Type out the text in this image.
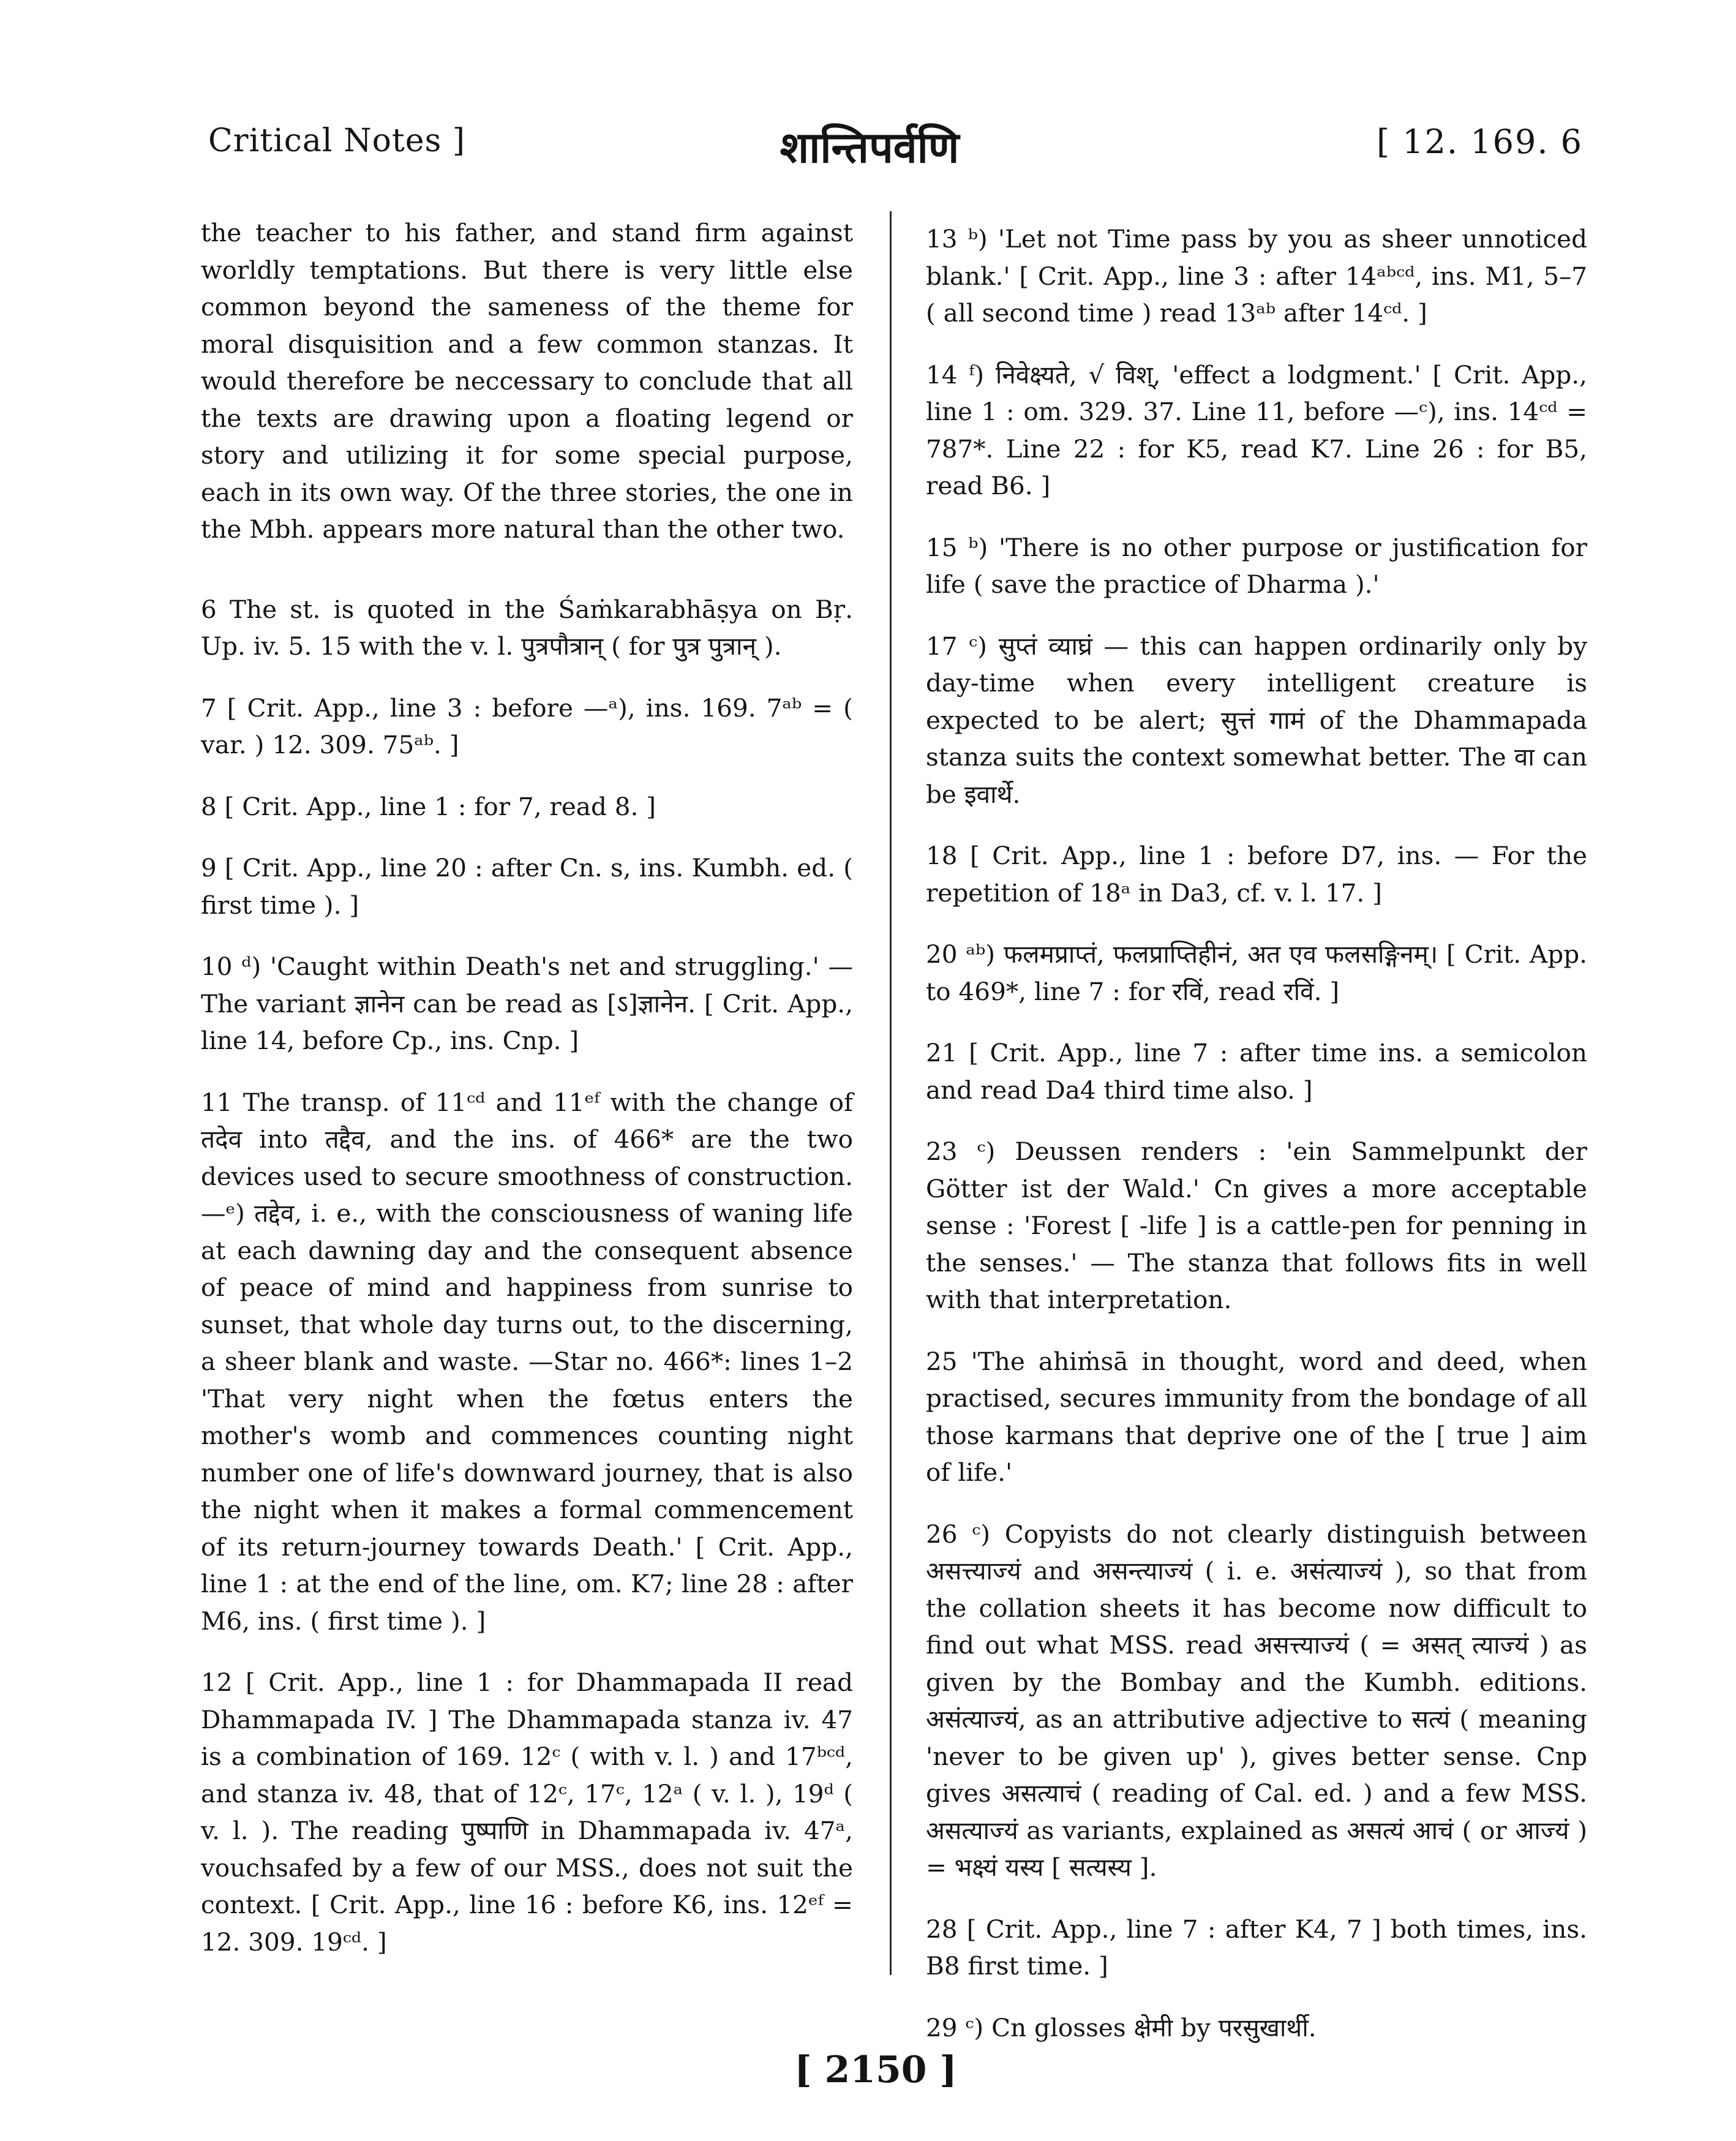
Critical Notes ]	शान्तिपर्वणि	[ 12. 169. 6

the teacher to his father, and stand firm against worldly temptations. But there is very little else common beyond the sameness of the theme for moral disquisition and a few common stanzas. It would therefore be neccessary to conclude that all the texts are drawing upon a floating legend or story and utilizing it for some special purpose, each in its own way. Of the three stories, the one in the Mbh. appears more natural than the other two.

6 The st. is quoted in the Śaṁkarabhāṣya on Bṛ. Up. iv. 5. 15 with the v. l. पुत्रपौत्रान् ( for पुत्र पुत्रान् ).

7 [ Crit. App., line 3 : before —ᵃ), ins. 169. 7ᵃᵇ = ( var. ) 12. 309. 75ᵃᵇ. ]

8 [ Crit. App., line 1 : for 7, read 8. ]

9 [ Crit. App., line 20 : after Cn. s, ins. Kumbh. ed. ( first time ). ]

10 ᵈ) 'Caught within Death's net and struggling.' —The variant ज्ञानेन can be read as [ऽ]ज्ञानेन. [ Crit. App., line 14, before Cp., ins. Cnp. ]

11 The transp. of 11ᶜᵈ and 11ᵉᶠ with the change of तदेव into तद्दैव, and the ins. of 466* are the two devices used to secure smoothness of construction. —ᵉ) तद्देव, i. e., with the consciousness of waning life at each dawning day and the consequent absence of peace of mind and happiness from sunrise to sunset, that whole day turns out, to the discerning, a sheer blank and waste. —Star no. 466*: lines 1–2 'That very night when the fœtus enters the mother's womb and commences counting night number one of life's downward journey, that is also the night when it makes a formal commencement of its return-journey towards Death.' [ Crit. App., line 1 : at the end of the line, om. K7; line 28 : after M6, ins. ( first time ). ]

12 [ Crit. App., line 1 : for Dhammapada II read Dhammapada IV. ] The Dhammapada stanza iv. 47 is a combination of 169. 12ᶜ ( with v. l. ) and 17ᵇᶜᵈ, and stanza iv. 48, that of 12ᶜ, 17ᶜ, 12ᵃ ( v. l. ), 19ᵈ ( v. l. ). The reading पुष्पाणि in Dhammapada iv. 47ᵃ, vouchsafed by a few of our MSS., does not suit the context. [ Crit. App., line 16 : before K6, ins. 12ᵉᶠ = 12. 309. 19ᶜᵈ. ]

13 ᵇ) 'Let not Time pass by you as sheer unnoticed blank.' [ Crit. App., line 3 : after 14ᵃᵇᶜᵈ, ins. M1, 5–7 ( all second time ) read 13ᵃᵇ after 14ᶜᵈ. ]

14 ᶠ) निवेक्ष्यते, √ विश्, 'effect a lodgment.' [ Crit. App., line 1 : om. 329. 37. Line 11, before —ᶜ), ins. 14ᶜᵈ = 787*. Line 22 : for K5, read K7. Line 26 : for B5, read B6. ]

15 ᵇ) 'There is no other purpose or justification for life ( save the practice of Dharma ).'

17 ᶜ) सुप्तं व्याघ्रं — this can happen ordinarily only by day-time when every intelligent creature is expected to be alert; सुत्तं गामं of the Dhammapada stanza suits the context somewhat better. The वा can be इवार्थे.

18 [ Crit. App., line 1 : before D7, ins. — For the repetition of 18ᵃ in Da3, cf. v. l. 17. ]

20 ᵃᵇ) फलमप्राप्तं, फलप्राप्तिहीनं, अत एव फलसङ्गिनम्। [ Crit. App. to 469*, line 7 : for रविं, read रविं. ]

21 [ Crit. App., line 7 : after time ins. a semicolon and read Da4 third time also. ]

23 ᶜ) Deussen renders : 'ein Sammelpunkt der Götter ist der Wald.' Cn gives a more acceptable sense : 'Forest [ -life ] is a cattle-pen for penning in the senses.' — The stanza that follows fits in well with that interpretation.

25 'The ahiṁsā in thought, word and deed, when practised, secures immunity from the bondage of all those karmans that deprive one of the [ true ] aim of life.'

26 ᶜ) Copyists do not clearly distinguish between असत्त्याज्यं and असन्त्याज्यं ( i. e. असंत्याज्यं ), so that from the collation sheets it has become now difficult to find out what MSS. read असत्त्याज्यं ( = असत् त्याज्यं ) as given by the Bombay and the Kumbh. editions. असंत्याज्यं, as an attributive adjective to सत्यं ( meaning 'never to be given up' ), gives better sense. Cnp gives असत्याचं ( reading of Cal. ed. ) and a few MSS. असत्याज्यं as variants, explained as असत्यं आचं ( or आज्यं ) = भक्ष्यं यस्य [ सत्यस्य ].

28 [ Crit. App., line 7 : after K4, 7 ] both times, ins. B8 first time. ]

29 ᶜ) Cn glosses क्षेमी by परसुखार्थी.

[ 2150 ]
